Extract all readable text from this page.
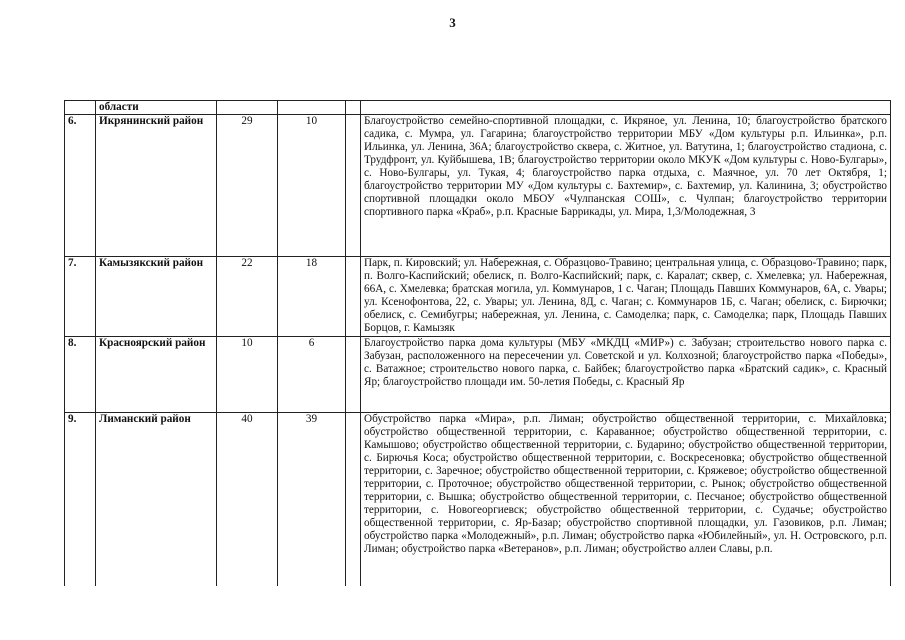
3
	области				
6.	Икрянинский район	29	10		Благоустройство семейно-спортивной площадки, с. Икряное, ул. Ленина, 10; благоустройство братского садика, с. Мумра, ул. Гагарина; благоустройство территории МБУ «Дом культуры р.п. Ильинка», р.п. Ильинка, ул. Ленина, 36А; благоустройство сквера, с. Житное, ул. Ватутина, 1; благоустройство стадиона, с. Трудфронт, ул. Куйбышева, 1В; благоустройство территории около МКУК «Дом культуры с. Ново-Булгары», с. Ново-Булгары, ул. Тукая, 4; благоустройство парка отдыха, с. Маячное, ул. 70 лет Октября, 1; благоустройство территории МУ «Дом культуры с. Бахтемир», с. Бахтемир, ул. Калинина, 3; обустройство спортивной площадки около МБОУ «Чулпанская СОШ», с. Чулпан; благоустройство территории спортивного парка «Краб», р.п. Красные Баррикады, ул. Мира, 1,3/Молодежная, 3
7.	Камызякский район	22	18		Парк, п. Кировский; ул. Набережная, с. Образцово-Травино; центральная улица, с. Образцово-Травино; парк, п. Волго-Каспийский; обелиск, п. Волго-Каспийский; парк, с. Каралат; сквер, с. Хмелевка; ул. Набережная, 66А, с. Хмелевка; братская могила, ул. Коммунаров, 1 с. Чаган; Площадь Павших Коммунаров, 6А, с. Увары; ул. Ксенофонтова, 22, с. Увары; ул. Ленина, 8Д, с. Чаган; с. Коммунаров 1Б, с. Чаган; обелиск, с. Бирючки; обелиск, с. Семибугры; набережная, ул. Ленина, с. Самоделка; парк, с. Самоделка; парк, Площадь Павших Борцов, г. Камызяк
8.	Красноярский район	10	6		Благоустройство парка дома культуры (МБУ «МКДЦ «МИР») с. Забузан; строительство нового парка с. Забузан, расположенного на пересечении ул. Советской и ул. Колхозной; благоустройство парка «Победы», с. Ватажное; строительство нового парка, с. Байбек; благоустройство парка «Братский садик», с. Красный Яр; благоустройство площади им. 50-летия Победы, с. Красный Яр
9.	Лиманский район	40	39		Обустройство парка «Мира», р.п. Лиман; обустройство общественной территории, с. Михайловка; обустройство общественной территории, с. Караванное; обустройство общественной территории, с. Камышово; обустройство общественной территории, с. Бударино; обустройство общественной территории, с. Бирючья Коса; обустройство общественной территории, с. Воскресеновка; обустройство общественной территории, с. Заречное; обустройство общественной территории, с. Кряжевое; обустройство общественной территории, с. Проточное; обустройство общественной территории, с. Рынок; обустройство общественной территории, с. Вышка; обустройство общественной территории, с. Песчаное; обустройство общественной территории, с. Новогеоргиевск; обустройство общественной территории, с. Судачье; обустройство общественной территории, с. Яр-Базар; обустройство спортивной площадки, ул. Газовиков, р.п. Лиман; обустройство парка «Молодежный», р.п. Лиман; обустройство парка «Юбилейный», ул. Н. Островского, р.п. Лиман; обустройство парка «Ветеранов», р.п. Лиман; обустройство аллеи Славы, р.п.
